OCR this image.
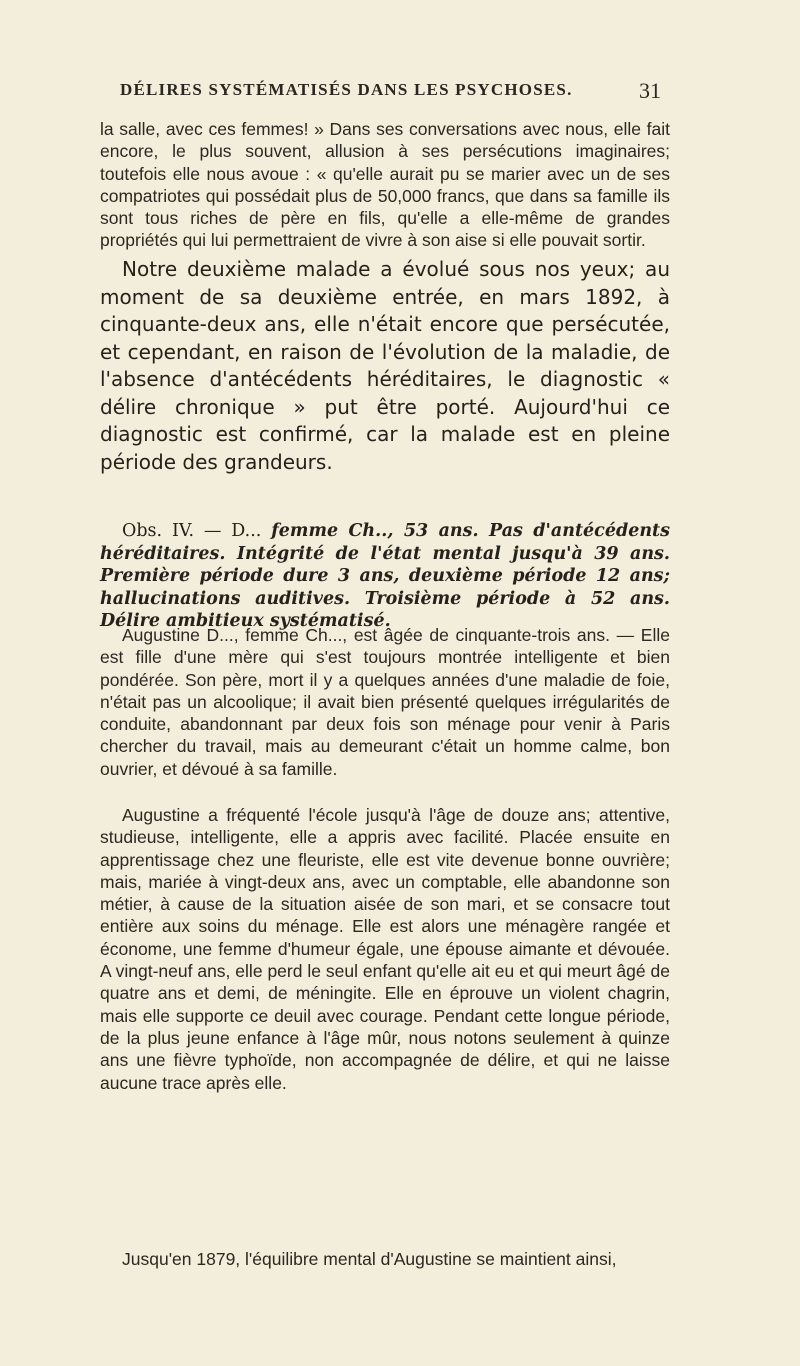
DÉLIRES SYSTÉMATISÉS DANS LES PSYCHOSES.	31

la salle, avec ces femmes! » Dans ses conversations avec nous, elle fait encore, le plus souvent, allusion à ses persécutions imaginaires; toutefois elle nous avoue : « qu'elle aurait pu se marier avec un de ses compatriotes qui possédait plus de 50,000 francs, que dans sa famille ils sont tous riches de père en fils, qu'elle a elle-même de grandes propriétés qui lui permettraient de vivre à son aise si elle pouvait sortir.

Notre deuxième malade a évolué sous nos yeux; au moment de sa deuxième entrée, en mars 1892, à cinquante-deux ans, elle n'était encore que persécutée, et cependant, en raison de l'évolution de la maladie, de l'absence d'antécédents héréditaires, le diagnostic « délire chronique » put être porté. Aujourd'hui ce diagnostic est confirmé, car la malade est en pleine période des grandeurs.

Obs. IV. — D... femme Ch.., 53 ans. Pas d'antécédents héréditaires. Intégrité de l'état mental jusqu'à 39 ans. Première période dure 3 ans, deuxième période 12 ans; hallucinations auditives. Troisième période à 52 ans. Délire ambitieux systématisé.

Augustine D..., femme Ch..., est âgée de cinquante-trois ans. — Elle est fille d'une mère qui s'est toujours montrée intelligente et bien pondérée. Son père, mort il y a quelques années d'une maladie de foie, n'était pas un alcoolique; il avait bien présenté quelques irrégularités de conduite, abandonnant par deux fois son ménage pour venir à Paris chercher du travail, mais au demeurant c'était un homme calme, bon ouvrier, et dévoué à sa famille.

Augustine a fréquenté l'école jusqu'à l'âge de douze ans; attentive, studieuse, intelligente, elle a appris avec facilité. Placée ensuite en apprentissage chez une fleuriste, elle est vite devenue bonne ouvrière; mais, mariée à vingt-deux ans, avec un comptable, elle abandonne son métier, à cause de la situation aisée de son mari, et se consacre tout entière aux soins du ménage. Elle est alors une ménagère rangée et économe, une femme d'humeur égale, une épouse aimante et dévouée. A vingt-neuf ans, elle perd le seul enfant qu'elle ait eu et qui meurt âgé de quatre ans et demi, de méningite. Elle en éprouve un violent chagrin, mais elle supporte ce deuil avec courage. Pendant cette longue période, de la plus jeune enfance à l'âge mûr, nous notons seulement à quinze ans une fièvre typhoïde, non accompagnée de délire, et qui ne laisse aucune trace après elle.

Jusqu'en 1879, l'équilibre mental d'Augustine se maintient ainsi,
